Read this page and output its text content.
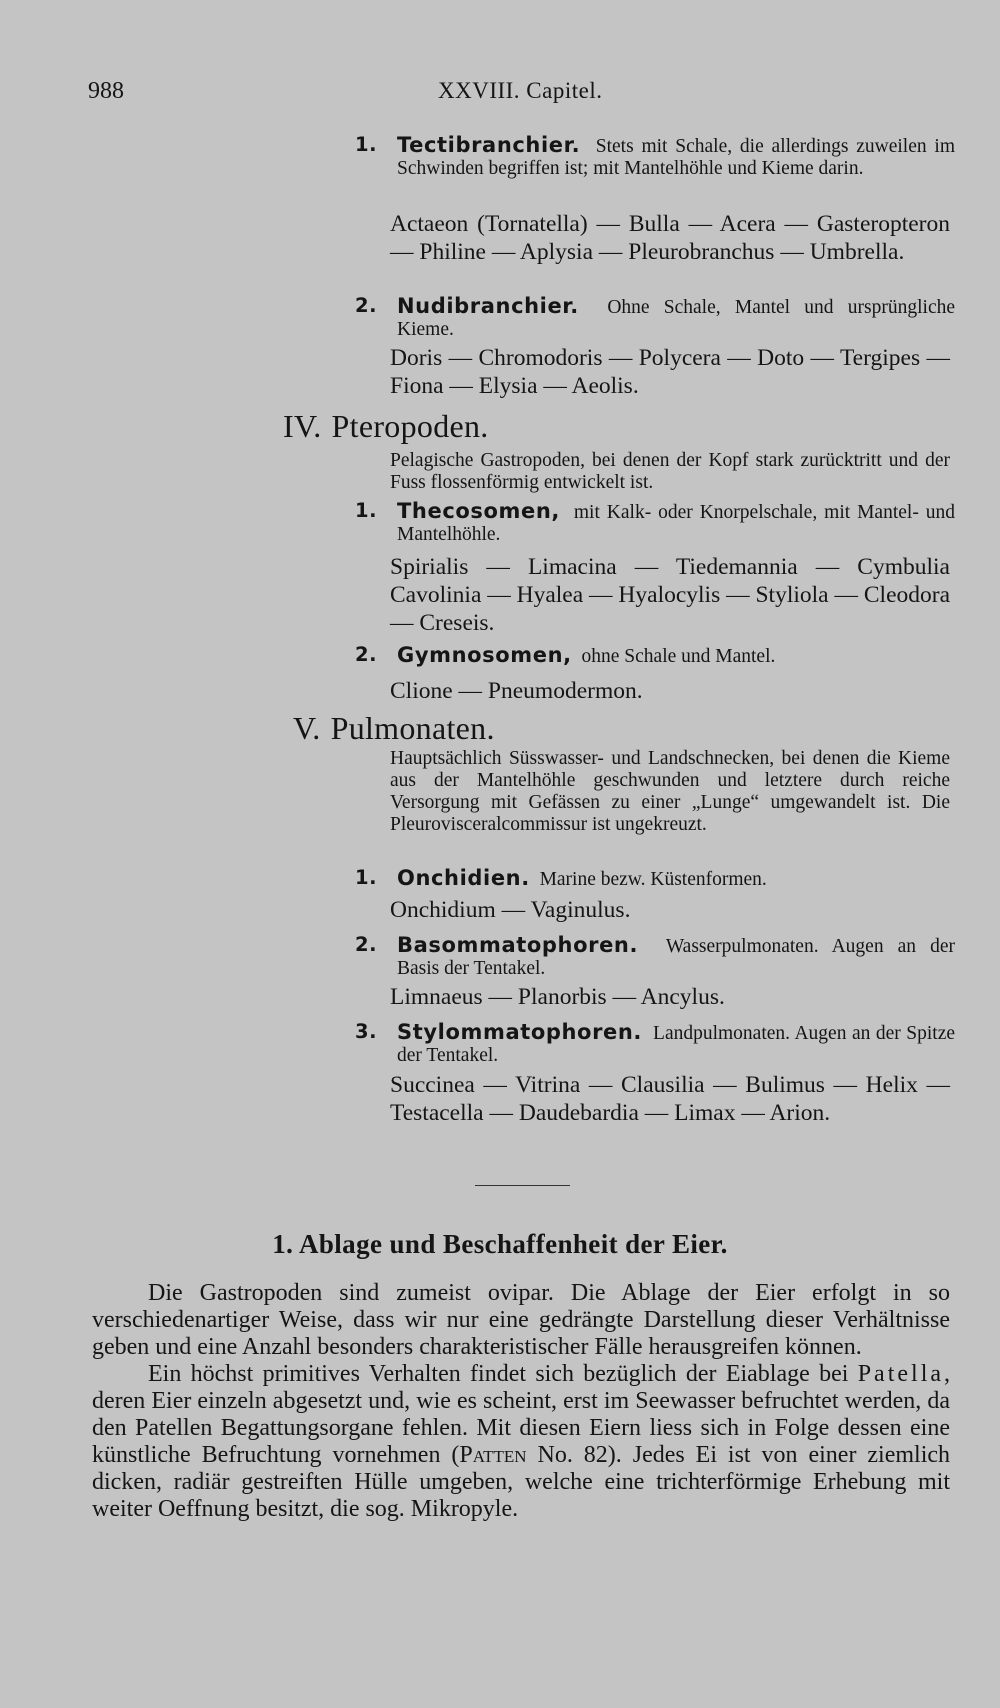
988	XXVIII. Capitel.
1. Tectibranchier. Stets mit Schale, die allerdings zuweilen im Schwinden begriffen ist; mit Mantelhöhle und Kieme darin.
Actaeon (Tornatella) — Bulla — Acera — Gasteropteron — Philine — Aplysia — Pleurobranchus — Umbrella.
2. Nudibranchier. Ohne Schale, Mantel und ursprüngliche Kieme.
Doris — Chromodoris — Polycera — Doto — Tergipes — Fiona — Elysia — Aeolis.
IV. Pteropoden.
Pelagische Gastropoden, bei denen der Kopf stark zurücktritt und der Fuss flossenförmig entwickelt ist.
1. Thecosomen, mit Kalk- oder Knorpelschale, mit Mantel- und Mantelhöhle.
Spirialis — Limacina — Tiedemannia — Cymbulia Cavolinia — Hyalea — Hyalocylis — Styliola — Cleodora — Creseis.
2. Gymnosomen, ohne Schale und Mantel.
Clione — Pneumodermon.
V. Pulmonaten.
Hauptsächlich Süsswasser- und Landschnecken, bei denen die Kieme aus der Mantelhöhle geschwunden und letztere durch reiche Versorgung mit Gefässen zu einer „Lunge“ umgewandelt ist. Die Pleurovisceralcommissur ist ungekreuzt.
1. Onchidien. Marine bezw. Küstenformen.
Onchidium — Vaginulus.
2. Basommatophoren. Wasserpulmonaten. Augen an der Basis der Tentakel.
Limnaeus — Planorbis — Ancylus.
3. Stylommatophoren. Landpulmonaten. Augen an der Spitze der Tentakel.
Succinea — Vitrina — Clausilia — Bulimus — Helix — Testacella — Daudebardia — Limax — Arion.
1. Ablage und Beschaffenheit der Eier.

Die Gastropoden sind zumeist ovipar. Die Ablage der Eier erfolgt in so verschiedenartiger Weise, dass wir nur eine gedrängte Darstellung dieser Verhältnisse geben und eine Anzahl besonders charakteristischer Fälle herausgreifen können.

Ein höchst primitives Verhalten findet sich bezüglich der Eiablage bei Patella, deren Eier einzeln abgesetzt und, wie es scheint, erst im Seewasser befruchtet werden, da den Patellen Begattungsorgane fehlen. Mit diesen Eiern liess sich in Folge dessen eine künstliche Befruchtung vornehmen (Patten No. 82). Jedes Ei ist von einer ziemlich dicken, radiär gestreiften Hülle umgeben, welche eine trichterförmige Erhebung mit weiter Oeffnung besitzt, die sog. Mikropyle.
